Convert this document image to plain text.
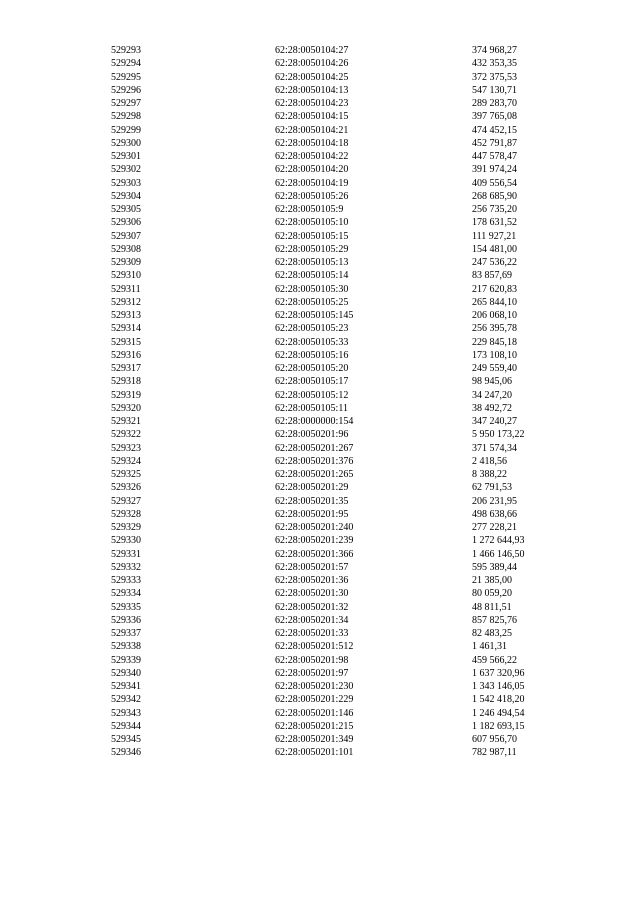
529293	62:28:0050104:27	374 968,27
529294	62:28:0050104:26	432 353,35
529295	62:28:0050104:25	372 375,53
529296	62:28:0050104:13	547 130,71
529297	62:28:0050104:23	289 283,70
529298	62:28:0050104:15	397 765,08
529299	62:28:0050104:21	474 452,15
529300	62:28:0050104:18	452 791,87
529301	62:28:0050104:22	447 578,47
529302	62:28:0050104:20	391 974,24
529303	62:28:0050104:19	409 556,54
529304	62:28:0050105:26	268 685,90
529305	62:28:0050105:9	256 735,20
529306	62:28:0050105:10	178 631,52
529307	62:28:0050105:15	111 927,21
529308	62:28:0050105:29	154 481,00
529309	62:28:0050105:13	247 536,22
529310	62:28:0050105:14	83 857,69
529311	62:28:0050105:30	217 620,83
529312	62:28:0050105:25	265 844,10
529313	62:28:0050105:145	206 068,10
529314	62:28:0050105:23	256 395,78
529315	62:28:0050105:33	229 845,18
529316	62:28:0050105:16	173 108,10
529317	62:28:0050105:20	249 559,40
529318	62:28:0050105:17	98 945,06
529319	62:28:0050105:12	34 247,20
529320	62:28:0050105:11	38 492,72
529321	62:28:0000000:154	347 240,27
529322	62:28:0050201:96	5 950 173,22
529323	62:28:0050201:267	371 574,34
529324	62:28:0050201:376	2 418,56
529325	62:28:0050201:265	8 388,22
529326	62:28:0050201:29	62 791,53
529327	62:28:0050201:35	206 231,95
529328	62:28:0050201:95	498 638,66
529329	62:28:0050201:240	277 228,21
529330	62:28:0050201:239	1 272 644,93
529331	62:28:0050201:366	1 466 146,50
529332	62:28:0050201:57	595 389,44
529333	62:28:0050201:36	21 385,00
529334	62:28:0050201:30	80 059,20
529335	62:28:0050201:32	48 811,51
529336	62:28:0050201:34	857 825,76
529337	62:28:0050201:33	82 483,25
529338	62:28:0050201:512	1 461,31
529339	62:28:0050201:98	459 566,22
529340	62:28:0050201:97	1 637 320,96
529341	62:28:0050201:230	1 343 146,05
529342	62:28:0050201:229	1 542 418,20
529343	62:28:0050201:146	1 246 494,54
529344	62:28:0050201:215	1 182 693,15
529345	62:28:0050201:349	607 956,70
529346	62:28:0050201:101	782 987,11
